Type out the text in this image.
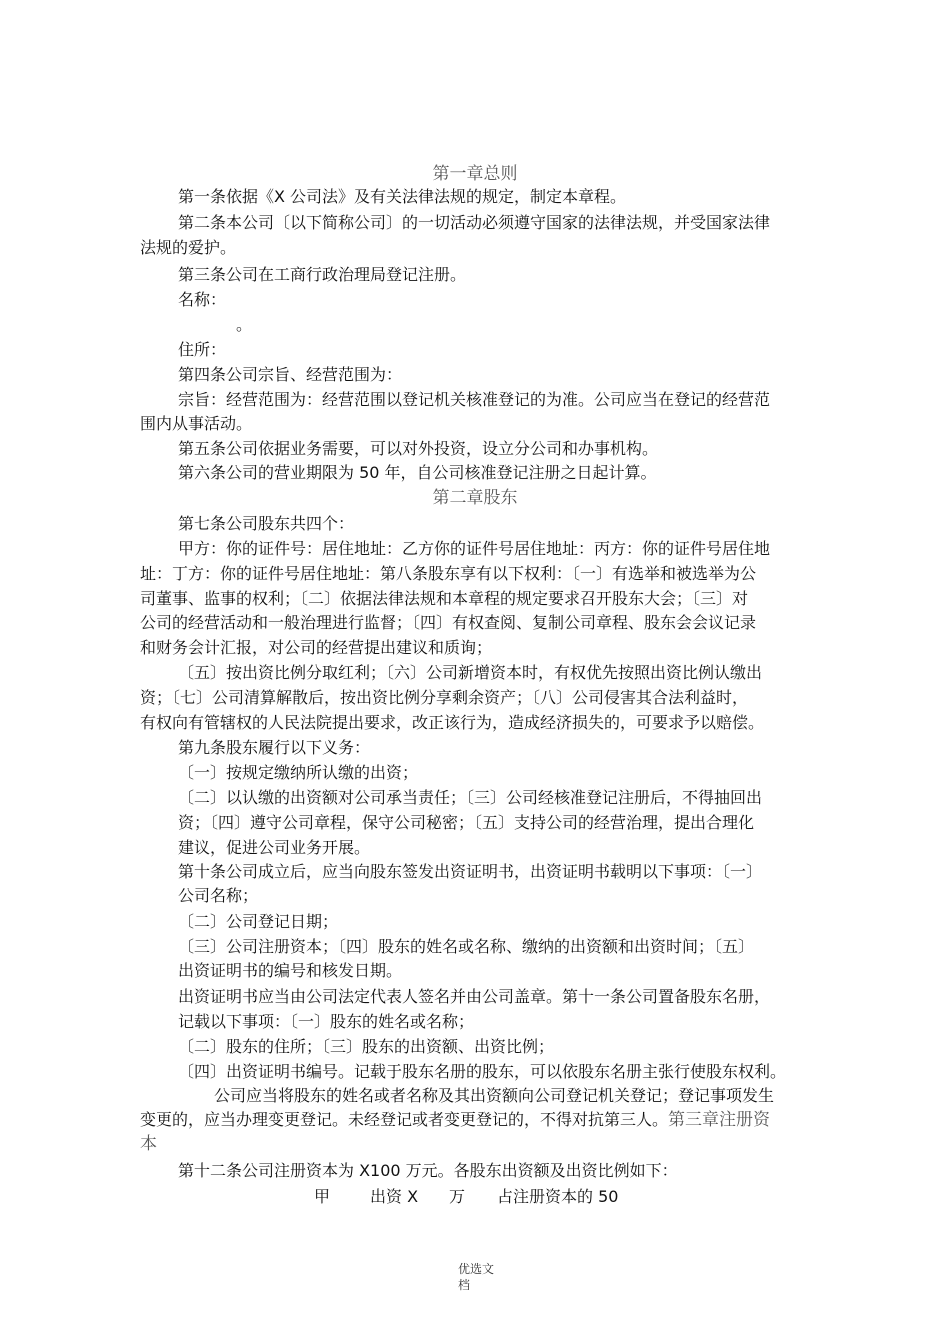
第一章总则
第一条依据《X 公司法》及有关法律法规的规定，制定本章程。
第二条本公司〔以下简称公司〕的一切活动必须遵守国家的法律法规，并受国家法律
法规的爱护。
第三条公司在工商行政治理局登记注册。
名称：
。
住所：
第四条公司宗旨、经营范围为：
宗旨：经营范围为：经营范围以登记机关核准登记的为准。公司应当在登记的经营范
围内从事活动。
第五条公司依据业务需要，可以对外投资，设立分公司和办事机构。
第六条公司的营业期限为 50 年，自公司核准登记注册之日起计算。
第二章股东
第七条公司股东共四个：
甲方：你的证件号：居住地址：乙方你的证件号居住地址：丙方：你的证件号居住地
址：丁方：你的证件号居住地址：第八条股东享有以下权利：〔一〕有选举和被选举为公
司董事、监事的权利；〔二〕依据法律法规和本章程的规定要求召开股东大会；〔三〕对
公司的经营活动和一般治理进行监督；〔四〕有权查阅、复制公司章程、股东会会议记录
和财务会计汇报，对公司的经营提出建议和质询；
〔五〕按出资比例分取红利；〔六〕公司新增资本时，有权优先按照出资比例认缴出
资；〔七〕公司清算解散后，按出资比例分享剩余资产；〔八〕公司侵害其合法利益时，
有权向有管辖权的人民法院提出要求，改正该行为，造成经济损失的，可要求予以赔偿。
第九条股东履行以下义务：
〔一〕按规定缴纳所认缴的出资；
〔二〕以认缴的出资额对公司承当责任；〔三〕公司经核准登记注册后，不得抽回出
资；〔四〕遵守公司章程，保守公司秘密；〔五〕支持公司的经营治理，提出合理化
建议，促进公司业务开展。
第十条公司成立后，应当向股东签发出资证明书，出资证明书载明以下事项：〔一〕
公司名称；
〔二〕公司登记日期；
〔三〕公司注册资本；〔四〕股东的姓名或名称、缴纳的出资额和出资时间；〔五〕
出资证明书的编号和核发日期。
出资证明书应当由公司法定代表人签名并由公司盖章。第十一条公司置备股东名册，
记载以下事项：〔一〕股东的姓名或名称；
〔二〕股东的住所；〔三〕股东的出资额、出资比例；
〔四〕出资证明书编号。记载于股东名册的股东，可以依股东名册主张行使股东权利。
公司应当将股东的姓名或者名称及其出资额向公司登记机关登记；登记事项发生
变更的，应当办理变更登记。未经登记或者变更登记的，不得对抗第三人。第三章注册资
本
第十二条公司注册资本为 X100 万元。各股东出资额及出资比例如下：
甲 出资 X 万 占注册资本的 50
优选文
档
